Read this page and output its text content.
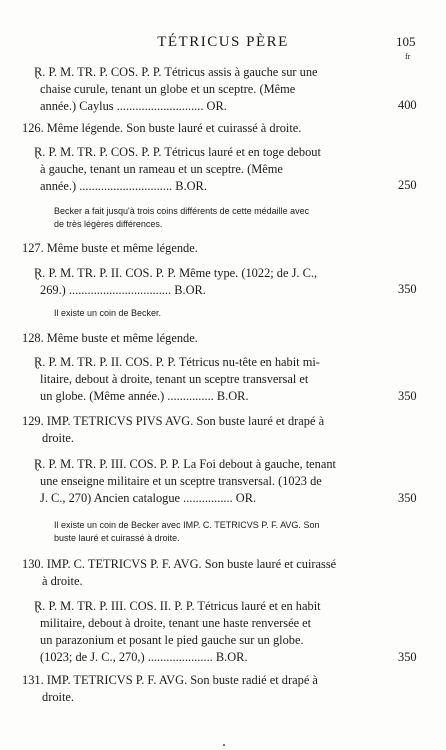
TÉTRICUS PÈRE	105
fr
Ɽ. P. M. TR. P. COS. P. P. Tétricus assis à gauche sur une
chaise curule, tenant un globe et un sceptre. (Même
année.) Caylus ............................ OR.	400
126. Même légende. Son buste lauré et cuirassé à droite.
Ɽ. P. M. TR. P. COS. P. P. Tétricus lauré et en toge debout
à gauche, tenant un rameau et un sceptre. (Même
année.) .............................. B.OR.	250
Becker a fait jusqu'à trois coins différents de cette médaille avec
de très légères différences.
127. Même buste et même légende.
Ɽ. P. M. TR. P. II. COS. P. P. Même type. (1022; de J. C.,
269.) ................................. B.OR.	350
Il existe un coin de Becker.
128. Même buste et même légende.
Ɽ. P. M. TR. P. II. COS. P. P. Tétricus nu-tête en habit mi-
litaire, debout à droite, tenant un sceptre transversal et
un globe. (Même année.) ............... B.OR.	350
129. IMP. TETRICVS PIVS AVG. Son buste lauré et drapé à
droite.
Ɽ. P. M. TR. P. III. COS. P. P. La Foi debout à gauche, tenant
une enseigne militaire et un sceptre transversal. (1023 de
J. C., 270) Ancien catalogue ................ OR.	350
Il existe un coin de Becker avec IMP. C. TETRICVS P. F. AVG. Son
buste lauré et cuirassé à droite.
130. IMP. C. TETRICVS P. F. AVG. Son buste lauré et cuirassé
à droite.
Ɽ. P. M. TR. P. III. COS. II. P. P. Tétricus lauré et en habit
militaire, debout à droite, tenant une haste renversée et
un parazonium et posant le pied gauche sur un globe.
(1023; de J. C., 270,) ..................... B.OR.	350
131. IMP. TETRICVS P. F. AVG. Son buste radié et drapé à
droite.
